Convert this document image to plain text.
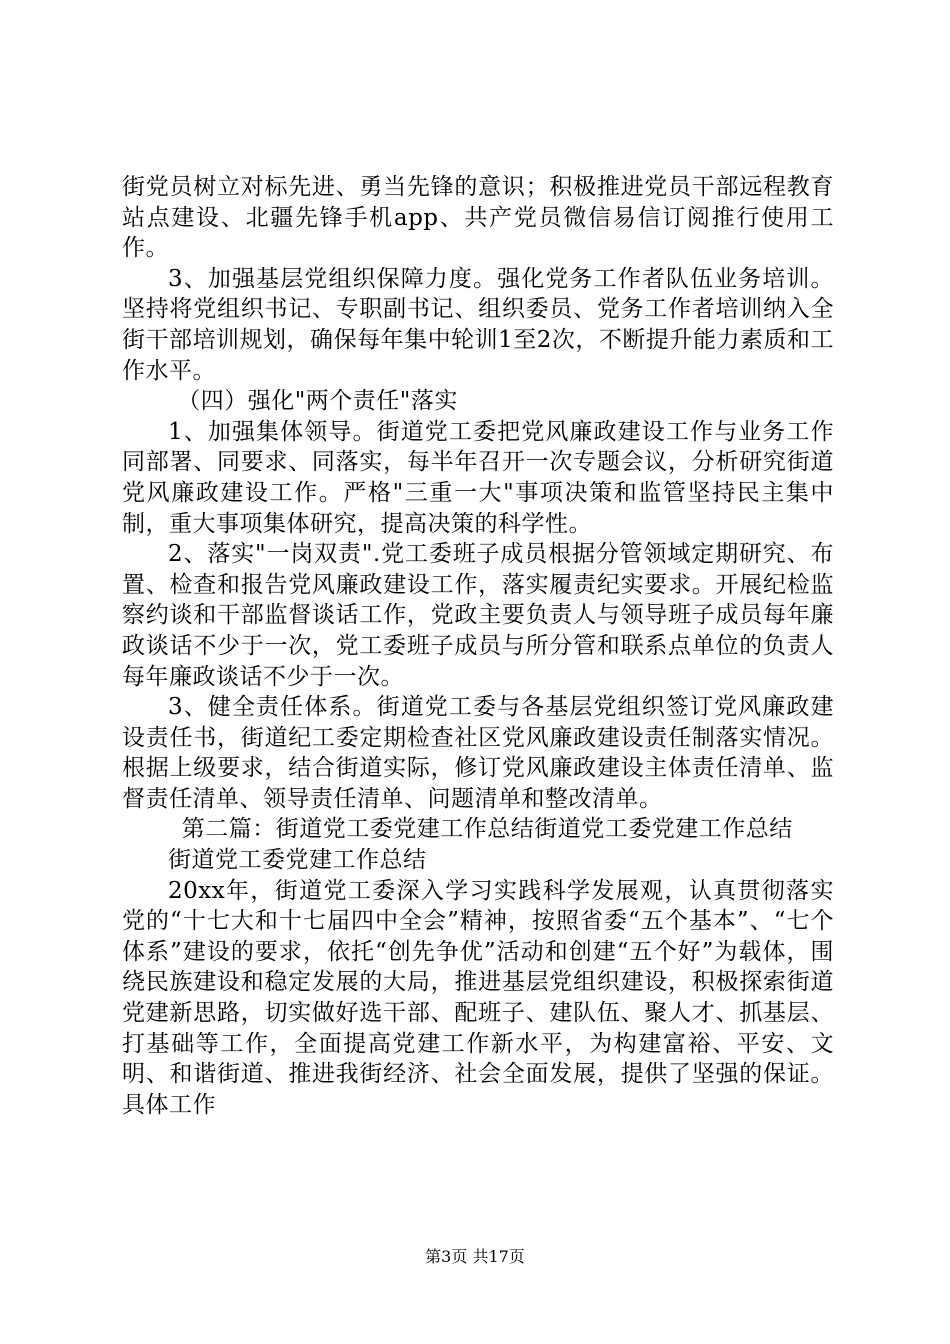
街党员树立对标先进、勇当先锋的意识；积极推进党员干部远程教育站点建设、北疆先锋手机app、共产党员微信易信订阅推行使用工作。

3、加强基层党组织保障力度。强化党务工作者队伍业务培训。坚持将党组织书记、专职副书记、组织委员、党务工作者培训纳入全街干部培训规划，确保每年集中轮训1至2次，不断提升能力素质和工作水平。

（四）强化"两个责任"落实

1、加强集体领导。街道党工委把党风廉政建设工作与业务工作同部署、同要求、同落实，每半年召开一次专题会议，分析研究街道党风廉政建设工作。严格"三重一大"事项决策和监管坚持民主集中制，重大事项集体研究，提高决策的科学性。

2、落实"一岗双责".党工委班子成员根据分管领域定期研究、布置、检查和报告党风廉政建设工作，落实履责纪实要求。开展纪检监察约谈和干部监督谈话工作，党政主要负责人与领导班子成员每年廉政谈话不少于一次，党工委班子成员与所分管和联系点单位的负责人每年廉政谈话不少于一次。

3、健全责任体系。街道党工委与各基层党组织签订党风廉政建设责任书，街道纪工委定期检查社区党风廉政建设责任制落实情况。根据上级要求，结合街道实际，修订党风廉政建设主体责任清单、监督责任清单、领导责任清单、问题清单和整改清单。

第二篇：街道党工委党建工作总结街道党工委党建工作总结

街道党工委党建工作总结

20xx年，街道党工委深入学习实践科学发展观，认真贯彻落实党的“十七大和十七届四中全会”精神，按照省委“五个基本”、“七个体系”建设的要求，依托“创先争优”活动和创建“五个好”为载体，围绕民族建设和稳定发展的大局，推进基层党组织建设，积极探索街道党建新思路，切实做好选干部、配班子、建队伍、聚人才、抓基层、打基础等工作，全面提高党建工作新水平，为构建富裕、平安、文明、和谐街道、推进我街经济、社会全面发展，提供了坚强的保证。具体工作

第3页 共17页
